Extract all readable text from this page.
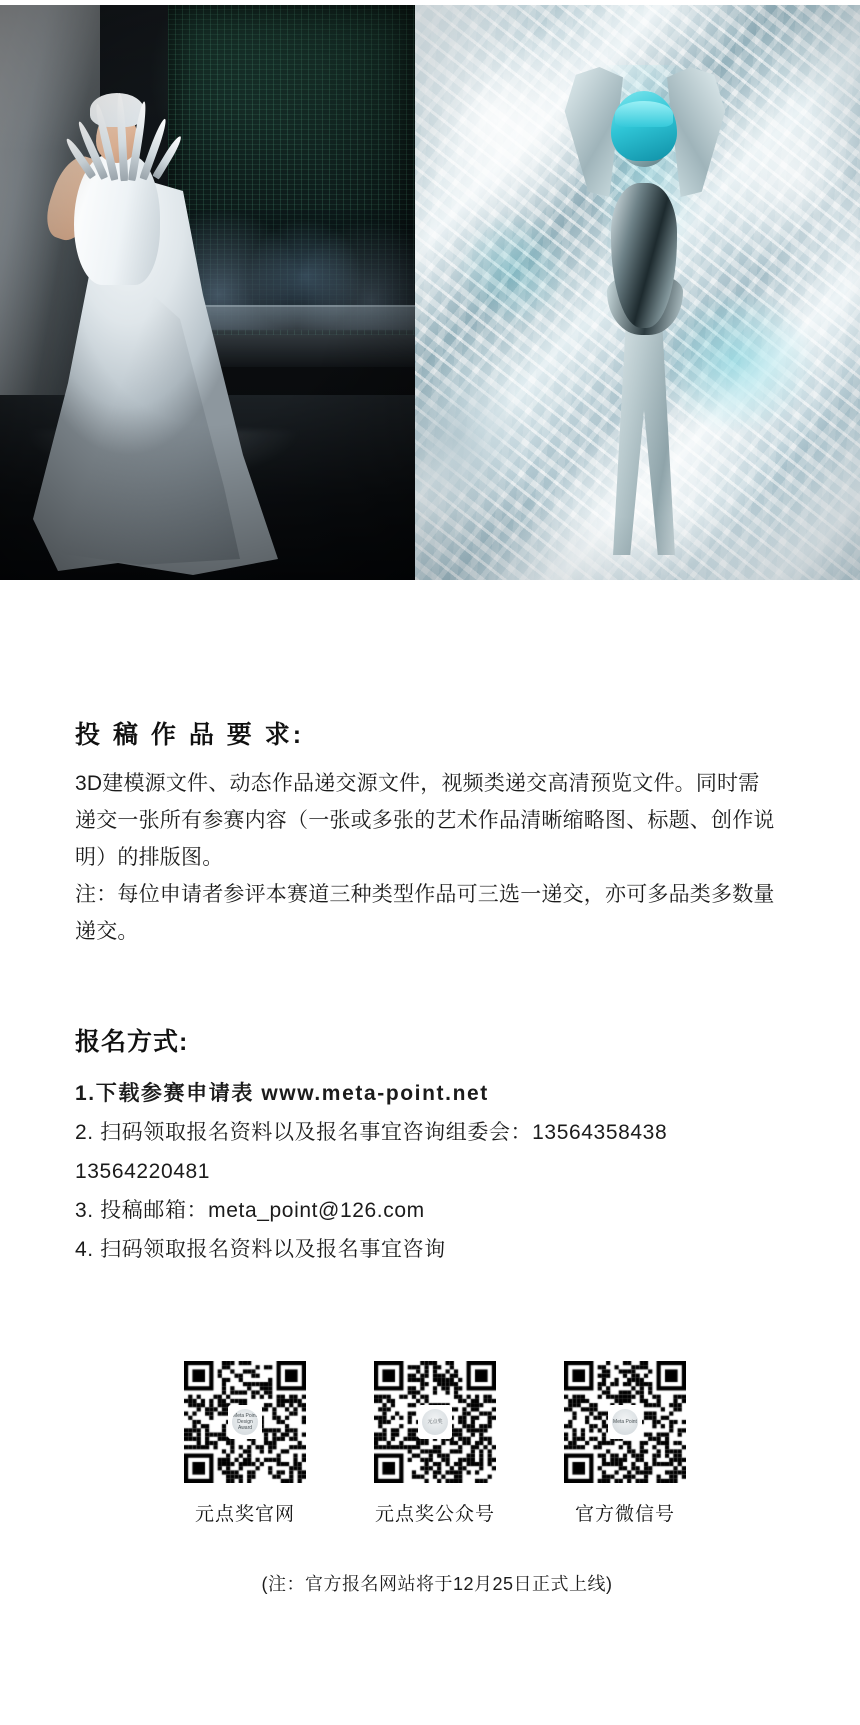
投 稿 作 品 要 求:

3D建模源文件、动态作品递交源文件，视频类递交高清预览文件。同时需

递交一张所有参赛内容（一张或多张的艺术作品清晰缩略图、标题、创作说

明）的排版图。

注：每位申请者参评本赛道三种类型作品可三选一递交，亦可多品类多数量

递交。

报名方式:
1.下载参赛申请表 www.meta-point.net
2. 扫码领取报名资料以及报名事宜咨询组委会：13564358438 13564220481
3. 投稿邮箱：meta_point@126.com
4. 扫码领取报名资料以及报名事宜咨询
Meta Point Design Award
元点奖官网
元点奖
元点奖公众号
Meta Point
官方微信号
(注：官方报名网站将于12月25日正式上线)
